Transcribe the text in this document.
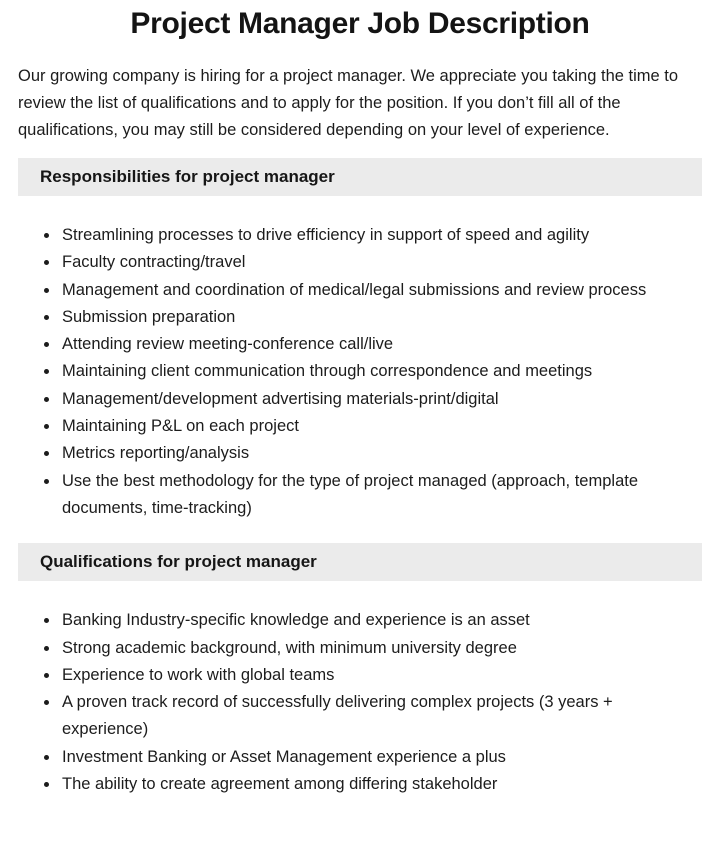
Project Manager Job Description

Our growing company is hiring for a project manager. We appreciate you taking the time to review the list of qualifications and to apply for the position. If you don’t fill all of the qualifications, you may still be considered depending on your level of experience.

Responsibilities for project manager
• Streamlining processes to drive efficiency in support of speed and agility
• Faculty contracting/travel
• Management and coordination of medical/legal submissions and review process
• Submission preparation
• Attending review meeting-conference call/live
• Maintaining client communication through correspondence and meetings
• Management/development advertising materials-print/digital
• Maintaining P&L on each project
• Metrics reporting/analysis
• Use the best methodology for the type of project managed (approach, template documents, time-tracking)
Qualifications for project manager
• Banking Industry-specific knowledge and experience is an asset
• Strong academic background, with minimum university degree
• Experience to work with global teams
• A proven track record of successfully delivering complex projects (3 years + experience)
• Investment Banking or Asset Management experience a plus
• The ability to create agreement among differing stakeholder
